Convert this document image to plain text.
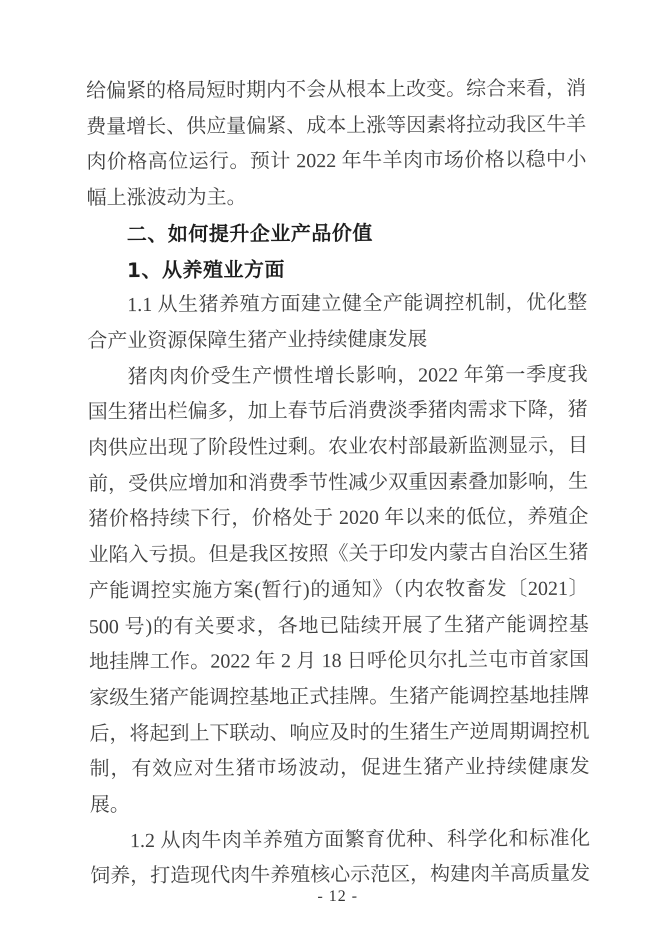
给偏紧的格局短时期内不会从根本上改变。综合来看，消费量增长、供应量偏紧、成本上涨等因素将拉动我区牛羊肉价格高位运行。预计 2022 年牛羊肉市场价格以稳中小幅上涨波动为主。
二、如何提升企业产品价值
1、从养殖业方面
1.1 从生猪养殖方面建立健全产能调控机制，优化整合产业资源保障生猪产业持续健康发展
猪肉肉价受生产惯性增长影响，2022 年第一季度我国生猪出栏偏多，加上春节后消费淡季猪肉需求下降，猪肉供应出现了阶段性过剩。农业农村部最新监测显示，目前，受供应增加和消费季节性减少双重因素叠加影响，生猪价格持续下行，价格处于 2020 年以来的低位，养殖企业陷入亏损。但是我区按照《关于印发内蒙古自治区生猪产能调控实施方案(暂行)的通知》（内农牧畜发〔2021〕500 号)的有关要求，各地已陆续开展了生猪产能调控基地挂牌工作。2022 年 2 月 18 日呼伦贝尔扎兰屯市首家国家级生猪产能调控基地正式挂牌。生猪产能调控基地挂牌后，将起到上下联动、响应及时的生猪生产逆周期调控机制，有效应对生猪市场波动，促进生猪产业持续健康发展。
1.2 从肉牛肉羊养殖方面繁育优种、科学化和标准化饲养，打造现代肉牛养殖核心示范区，构建肉羊高质量发
- 12 -
